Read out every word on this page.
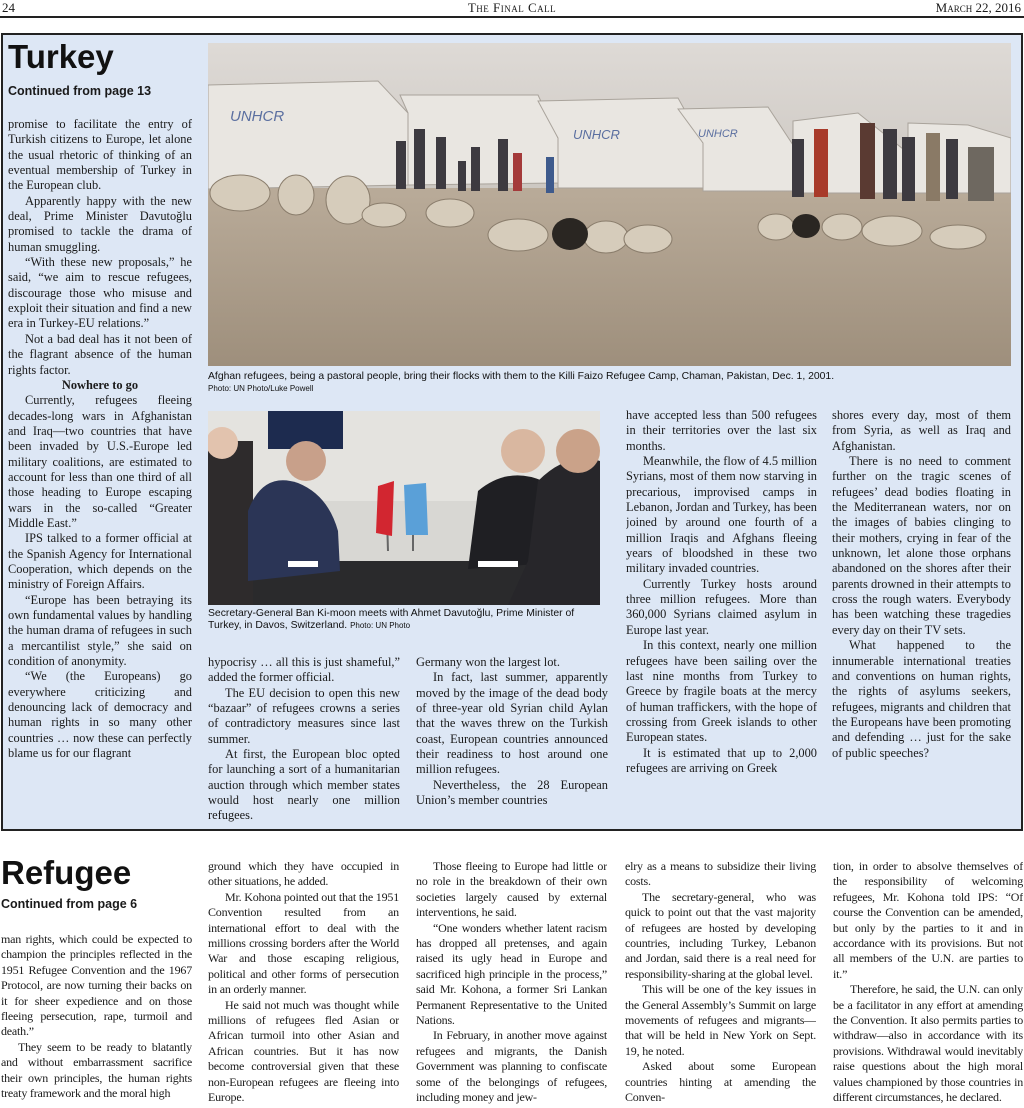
24	The Final Call	March 22, 2016
Turkey
Continued from page 13
UNHCR
UNHCR	UNHCR
Afghan refugees, being a pastoral people, bring their flocks with them to the Killi Faizo Refugee Camp, Chaman, Pakistan, Dec. 1, 2001.
Photo: UN Photo/Luke Powell
Secretary-General Ban Ki-moon meets with Ahmet Davutoğlu, Prime Minister of Turkey, in Davos, Switzerland. Photo: UN Photo

promise to facilitate the entry of Turkish citizens to Europe, let alone the usual rhetoric of thinking of an eventual membership of Turkey in the European club.

Apparently happy with the new deal, Prime Minister Davutoğlu promised to tackle the drama of human smuggling.

“With these new proposals,” he said, “we aim to rescue refugees, discourage those who misuse and exploit their situation and find a new era in Turkey-EU relations.”

Not a bad deal has it not been of the flagrant absence of the human rights factor.

Nowhere to go

Currently, refugees fleeing decades-long wars in Afghanistan and Iraq—two countries that have been invaded by U.S.-Europe led military coalitions, are estimated to account for less than one third of all those heading to Europe escaping wars in the so-called “Greater Middle East.”

IPS talked to a former official at the Spanish Agency for International Cooperation, which depends on the ministry of Foreign Affairs.

“Europe has been betraying its own fundamental values by handling the human drama of refugees in such a mercantilist style,” she said on condition of anonymity.

“We (the Europeans) go everywhere criticizing and denouncing lack of democracy and human rights in so many other countries … now these can perfectly blame us for our flagrant

hypocrisy … all this is just shameful,” added the former official.

The EU decision to open this new “bazaar” of refugees crowns a series of contradictory measures since last summer.

At first, the European bloc opted for launching a sort of a humanitarian auction through which member states would host nearly one million refugees.

Germany won the largest lot.

In fact, last summer, apparently moved by the image of the dead body of three-year old Syrian child Aylan that the waves threw on the Turkish coast, European countries announced their readiness to host around one million refugees.

Nevertheless, the 28 European Union’s member countries

have accepted less than 500 refugees in their territories over the last six months.

Meanwhile, the flow of 4.5 million Syrians, most of them now starving in precarious, improvised camps in Lebanon, Jordan and Turkey, has been joined by around one fourth of a million Iraqis and Afghans fleeing years of bloodshed in these two military invaded countries.

Currently Turkey hosts around three million refugees. More than 360,000 Syrians claimed asylum in Europe last year.

In this context, nearly one million refugees have been sailing over the last nine months from Turkey to Greece by fragile boats at the mercy of human traffickers, with the hope of crossing from Greek islands to other European states.

It is estimated that up to 2,000 refugees are arriving on Greek

shores every day, most of them from Syria, as well as Iraq and Afghanistan.

There is no need to comment further on the tragic scenes of refugees’ dead bodies floating in the Mediterranean waters, nor on the images of babies clinging to their mothers, crying in fear of the unknown, let alone those orphans abandoned on the shores after their parents drowned in their attempts to cross the rough waters. Everybody has been watching these tragedies every day on their TV sets.

What happened to the innumerable international treaties and conventions on human rights, the rights of asylums seekers, refugees, migrants and children that the Europeans have been promoting and defending … just for the sake of public speeches?

Refugee
Continued from page 6

man rights, which could be expected to champion the principles reflected in the 1951 Refugee Convention and the 1967 Protocol, are now turning their backs on it for sheer expedience and on those fleeing persecution, rape, turmoil and death.”

They seem to be ready to blatantly and without embarrassment sacrifice their own principles, the human rights treaty framework and the moral high

ground which they have occupied in other situations, he added.

Mr. Kohona pointed out that the 1951 Convention resulted from an international effort to deal with the millions crossing borders after the World War and those escaping religious, political and other forms of persecution in an orderly manner.

He said not much was thought while millions of refugees fled Asian or African turmoil into other Asian and African countries. But it has now become controversial given that these non-European refugees are fleeing into Europe.

Those fleeing to Europe had little or no role in the breakdown of their own societies largely caused by external interventions, he said.

“One wonders whether latent racism has dropped all pretenses, and again raised its ugly head in Europe and sacrificed high principle in the process,” said Mr. Kohona, a former Sri Lankan Permanent Representative to the United Nations.

In February, in another move against refugees and migrants, the Danish Government was planning to confiscate some of the belongings of refugees, including money and jew-

elry as a means to subsidize their living costs.

The secretary-general, who was quick to point out that the vast majority of refugees are hosted by developing countries, including Turkey, Lebanon and Jordan, said there is a real need for responsibility-sharing at the global level.

This will be one of the key issues in the General Assembly’s Summit on large movements of refugees and migrants—that will be held in New York on Sept. 19, he noted.

Asked about some European countries hinting at amending the Conven-

tion, in order to absolve themselves of the responsibility of welcoming refugees, Mr. Kohona told IPS: “Of course the Convention can be amended, but only by the parties to it and in accordance with its provisions. But not all members of the U.N. are parties to it.”

Therefore, he said, the U.N. can only be a facilitator in any effort at amending the Convention. It also permits parties to withdraw—also in accordance with its provisions. Withdrawal would inevitably raise questions about the high moral values championed by those countries in different circumstances, he declared.
